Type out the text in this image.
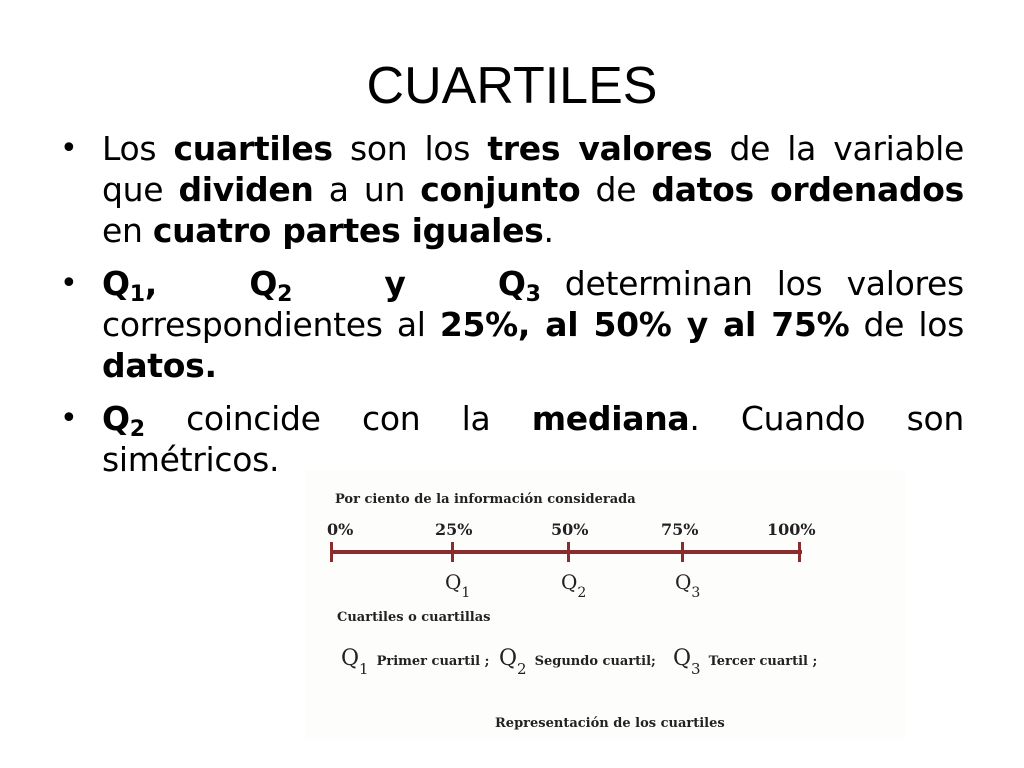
CUARTILES
• Los cuartiles son los tres valores de la variable que dividen a un conjunto de datos ordenados en cuatro partes iguales.
• $Q_1$,	$Q_2$	y	$Q_3$ determinan los valores correspondientes al 25%, al 50% y al 75% de los datos.
• $Q_2$ coincide con la mediana. Cuando son simétricos.
Por ciento de la información considerada
0%	25%	50%	75%	100%
$Q_1$	$Q_2$	$Q_3$
Cuartiles o cuartillas
$Q_1$ Primer cuartil ; $Q_2$ Segundo cuartil; $Q_3$ Tercer cuartil ;
Representación de los cuartiles
